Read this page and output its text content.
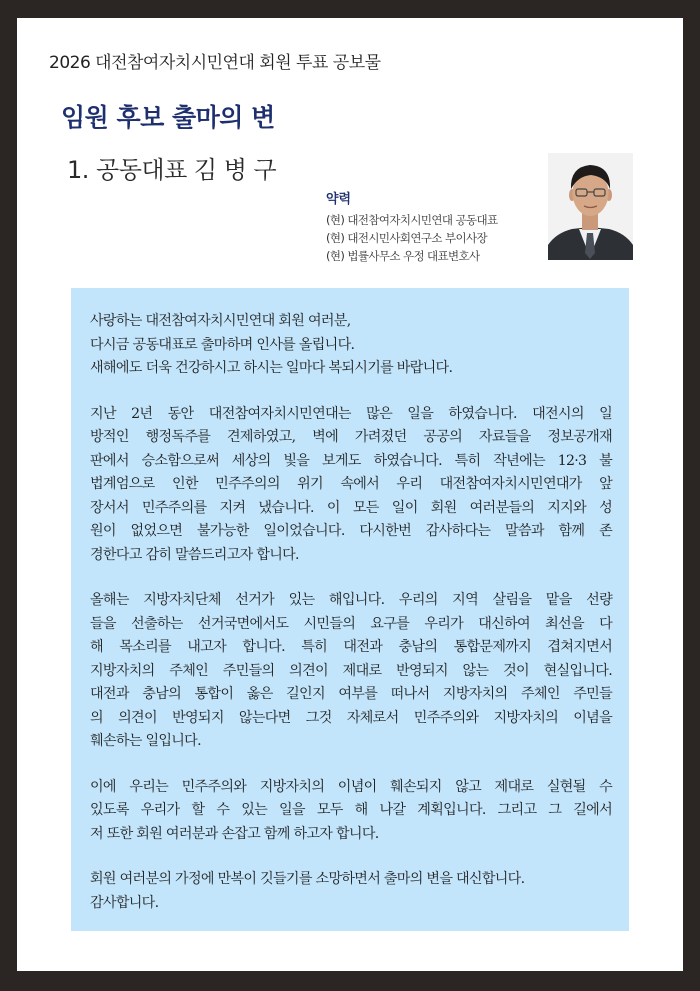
2026 대전참여자치시민연대 회원 투표 공보물
임원 후보 출마의 변
1. 공동대표 김 병 구
약력
(현) 대전참여자치시민연대 공동대표
(현) 대전시민사회연구소 부이사장
(현) 법률사무소 우정 대표변호사
사랑하는 대전참여자치시민연대 회원 여러분,
다시금 공동대표로 출마하며 인사를 올립니다.
새해에도 더욱 건강하시고 하시는 일마다 복되시기를 바랍니다.
지난 2년 동안 대전참여자치시민연대는 많은 일을 하였습니다. 대전시의 일
방적인 행정독주를 견제하였고, 벽에 가려졌던 공공의 자료들을 정보공개재
판에서 승소함으로써 세상의 빛을 보게도 하였습니다. 특히 작년에는 12·3 불
법계엄으로 인한 민주주의의 위기 속에서 우리 대전참여자치시민연대가 앞
장서서 민주주의를 지켜 냈습니다. 이 모든 일이 회원 여러분들의 지지와 성
원이 없었으면 불가능한 일이었습니다. 다시한번 감사하다는 말씀과 함께 존
경한다고 감히 말씀드리고자 합니다.
올해는 지방자치단체 선거가 있는 해입니다. 우리의 지역 살림을 맡을 선량
들을 선출하는 선거국면에서도 시민들의 요구를 우리가 대신하여 최선을 다
해 목소리를 내고자 합니다. 특히 대전과 충남의 통합문제까지 겹쳐지면서
지방자치의 주체인 주민들의 의견이 제대로 반영되지 않는 것이 현실입니다.
대전과 충남의 통합이 옳은 길인지 여부를 떠나서 지방자치의 주체인 주민들
의 의견이 반영되지 않는다면 그것 자체로서 민주주의와 지방자치의 이념을
훼손하는 일입니다.
이에 우리는 민주주의와 지방자치의 이념이 훼손되지 않고 제대로 실현될 수
있도록 우리가 할 수 있는 일을 모두 해 나갈 계획입니다. 그리고 그 길에서
저 또한 회원 여러분과 손잡고 함께 하고자 합니다.
회원 여러분의 가정에 만복이 깃들기를 소망하면서 출마의 변을 대신합니다.
감사합니다.
